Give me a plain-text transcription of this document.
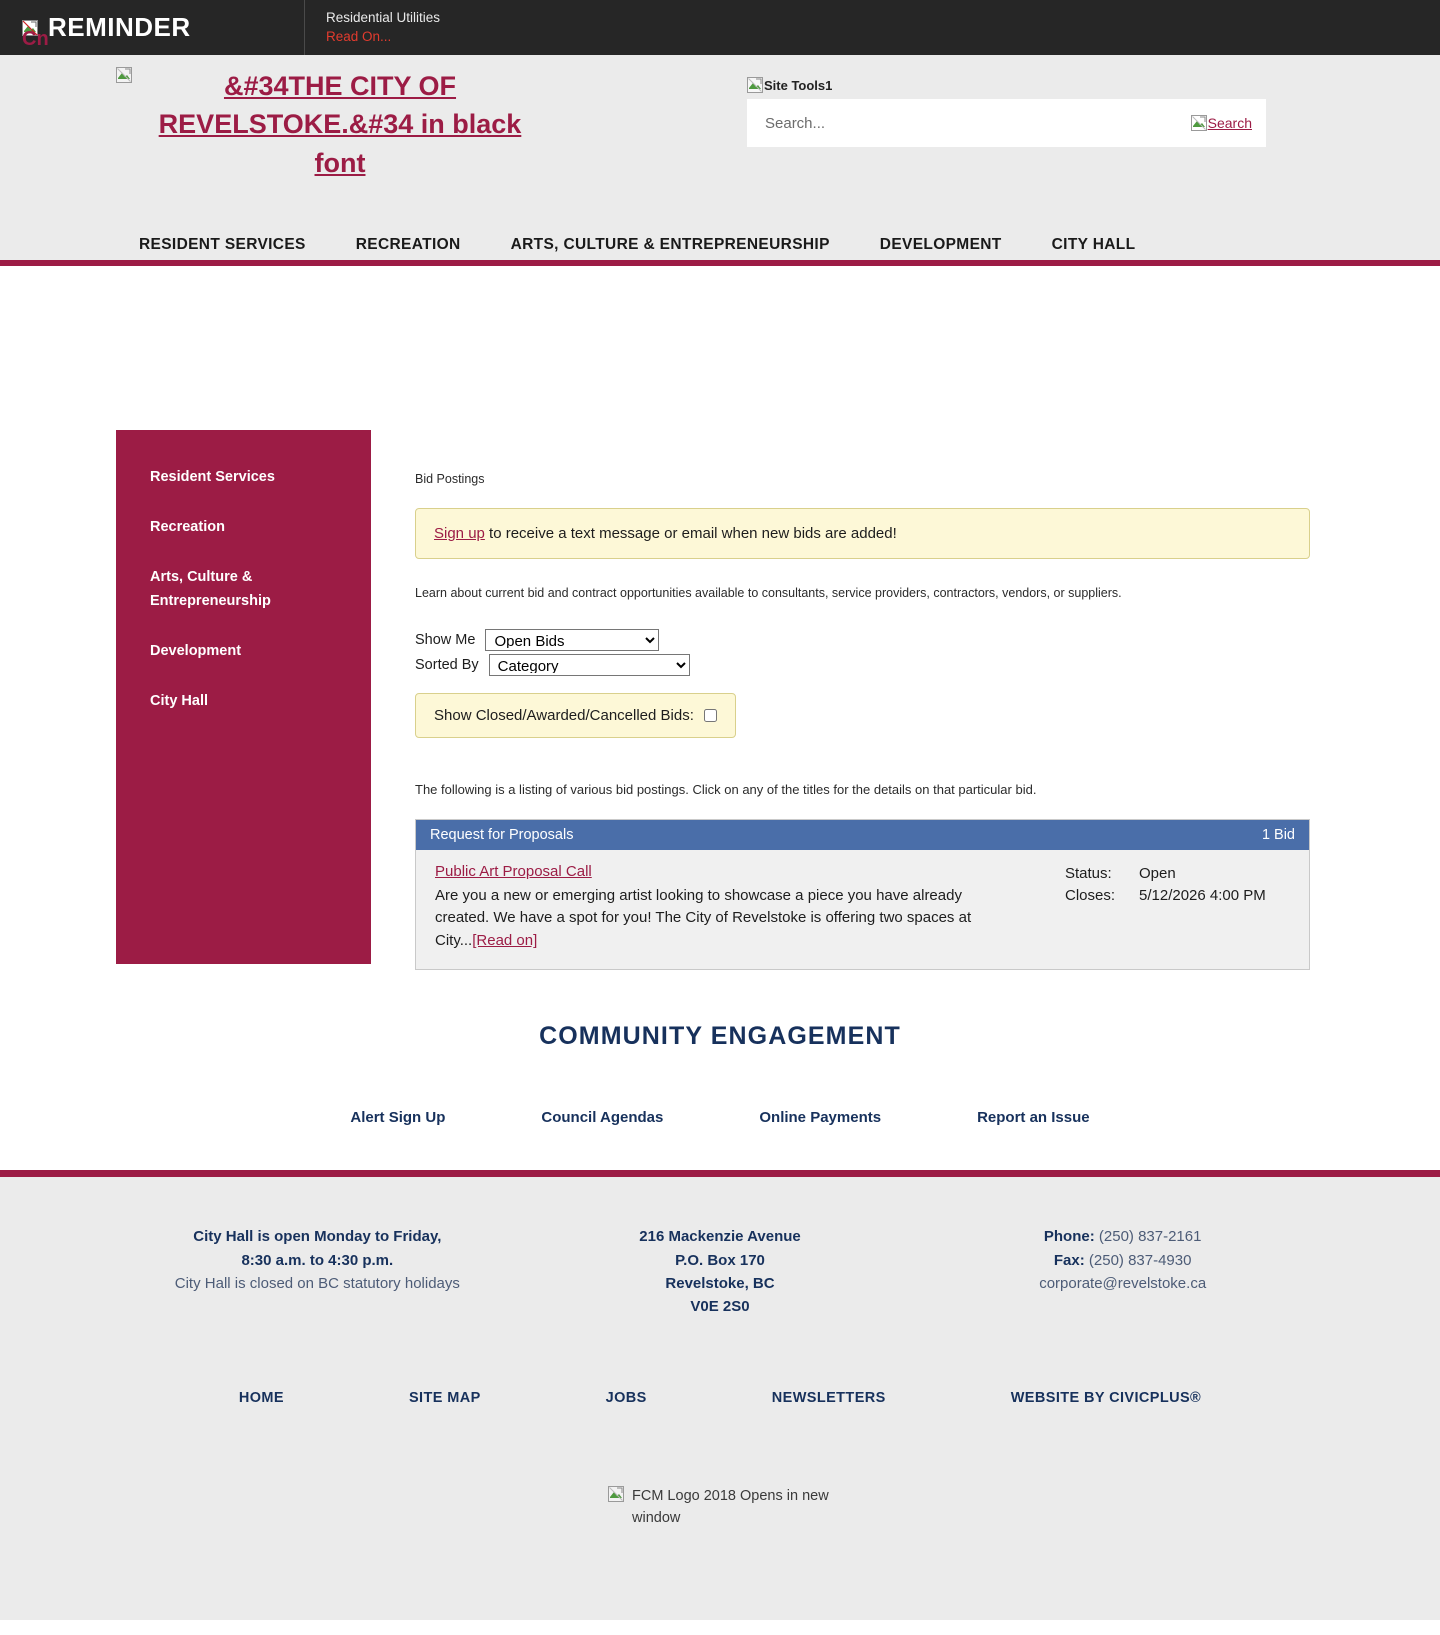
REMINDER
Cn
Residential Utilities
Read On...
&#34THE CITY OF REVELSTOKE.&#34 in black font
Site Tools1
Search...
Search
RESIDENT SERVICES	RECREATION	ARTS, CULTURE & ENTREPRENEURSHIP	DEVELOPMENT	CITY HALL
Resident Services
Recreation
Arts, Culture & Entrepreneurship
Development
City Hall
Bid Postings
Sign up to receive a text message or email when new bids are added!

Learn about current bid and contract opportunities available to consultants, service providers, contractors, vendors, or suppliers.

Show Me
Open Bids
Sorted By
Category
Show Closed/Awarded/Cancelled Bids:

The following is a listing of various bid postings. Click on any of the titles for the details on that particular bid.

Request for Proposals	1 Bid
Public Art Proposal Call
Are you a new or emerging artist looking to showcase a piece you have already created. We have a spot for you! The City of Revelstoke is offering two spaces at City...[Read on]
Status:	Open
Closes:	5/12/2026 4:00 PM
COMMUNITY ENGAGEMENT
Alert Sign Up	Council Agendas	Online Payments	Report an Issue
City Hall is open Monday to Friday,
8:30 a.m. to 4:30 p.m.
City Hall is closed on BC statutory holidays
216 Mackenzie Avenue
P.O. Box 170
Revelstoke, BC
V0E 2S0
Phone: (250) 837-2161
Fax: (250) 837-4930
corporate@revelstoke.ca
HOME	SITE MAP	JOBS	NEWSLETTERS	WEBSITE BY CIVICPLUS®
FCM Logo 2018 Opens in new window
